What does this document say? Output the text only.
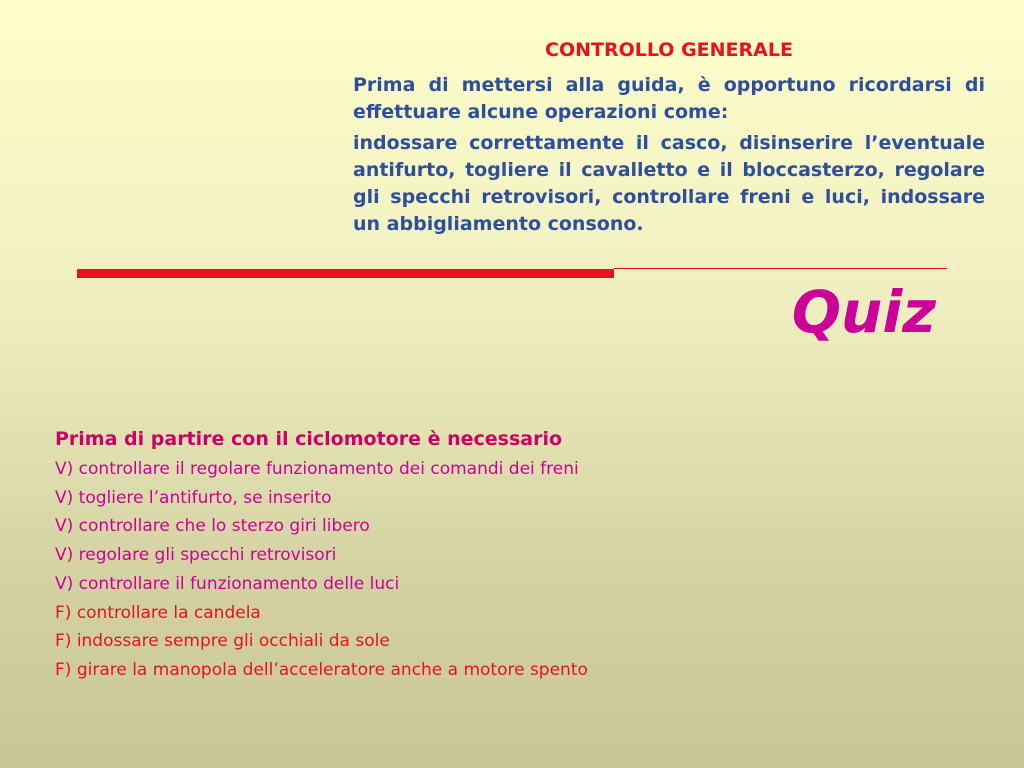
CONTROLLO GENERALE

Prima di mettersi alla guida, è opportuno ricordarsi di effettuare alcune operazioni come:

indossare correttamente il casco, disinserire l’eventuale antifurto, togliere il cavalletto e il bloccasterzo, regolare gli specchi retrovisori, controllare freni e luci, indossare un abbigliamento consono.

Quiz
Prima di partire con il ciclomotore è necessario
V) controllare il regolare funzionamento dei comandi dei freni
V) togliere l’antifurto, se inserito
V) controllare che lo sterzo giri libero
V) regolare gli specchi retrovisori
V) controllare il funzionamento delle luci
F) controllare la candela
F) indossare sempre gli occhiali da sole
F) girare la manopola dell’acceleratore anche a motore spento
